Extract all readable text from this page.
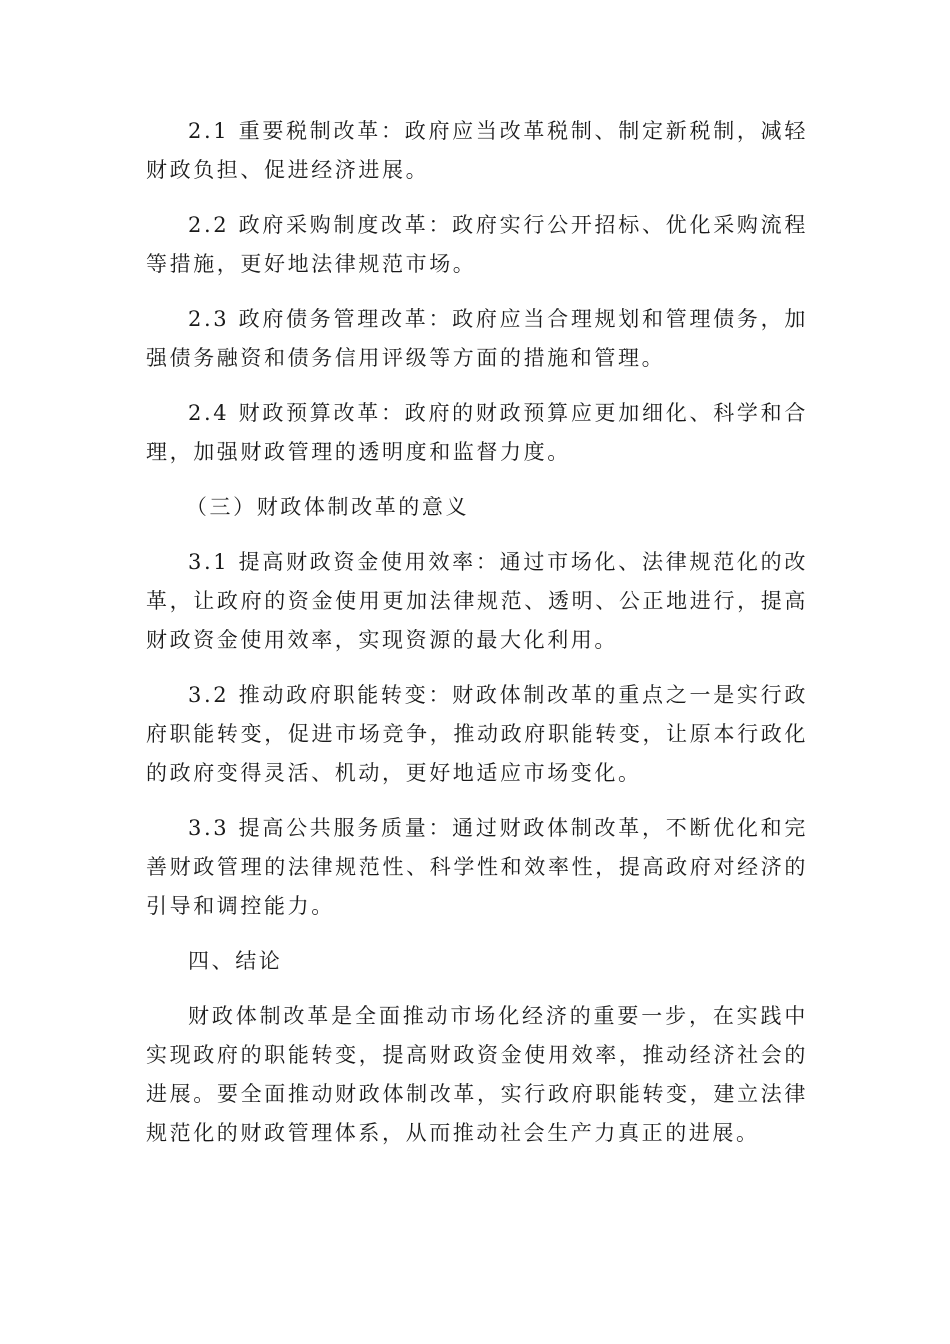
2.1 重要税制改革：政府应当改革税制、制定新税制，减轻财政负担、促进经济进展。

2.2 政府采购制度改革：政府实行公开招标、优化采购流程等措施，更好地法律规范市场。

2.3 政府债务管理改革：政府应当合理规划和管理债务，加强债务融资和债务信用评级等方面的措施和管理。

2.4 财政预算改革：政府的财政预算应更加细化、科学和合理，加强财政管理的透明度和监督力度。

（三）财政体制改革的意义

3.1 提高财政资金使用效率：通过市场化、法律规范化的改革，让政府的资金使用更加法律规范、透明、公正地进行，提高财政资金使用效率，实现资源的最大化利用。

3.2 推动政府职能转变：财政体制改革的重点之一是实行政府职能转变，促进市场竞争，推动政府职能转变，让原本行政化的政府变得灵活、机动，更好地适应市场变化。

3.3 提高公共服务质量：通过财政体制改革，不断优化和完善财政管理的法律规范性、科学性和效率性，提高政府对经济的引导和调控能力。

四、结论

财政体制改革是全面推动市场化经济的重要一步，在实践中实现政府的职能转变，提高财政资金使用效率，推动经济社会的进展。要全面推动财政体制改革，实行政府职能转变，建立法律规范化的财政管理体系，从而推动社会生产力真正的进展。
